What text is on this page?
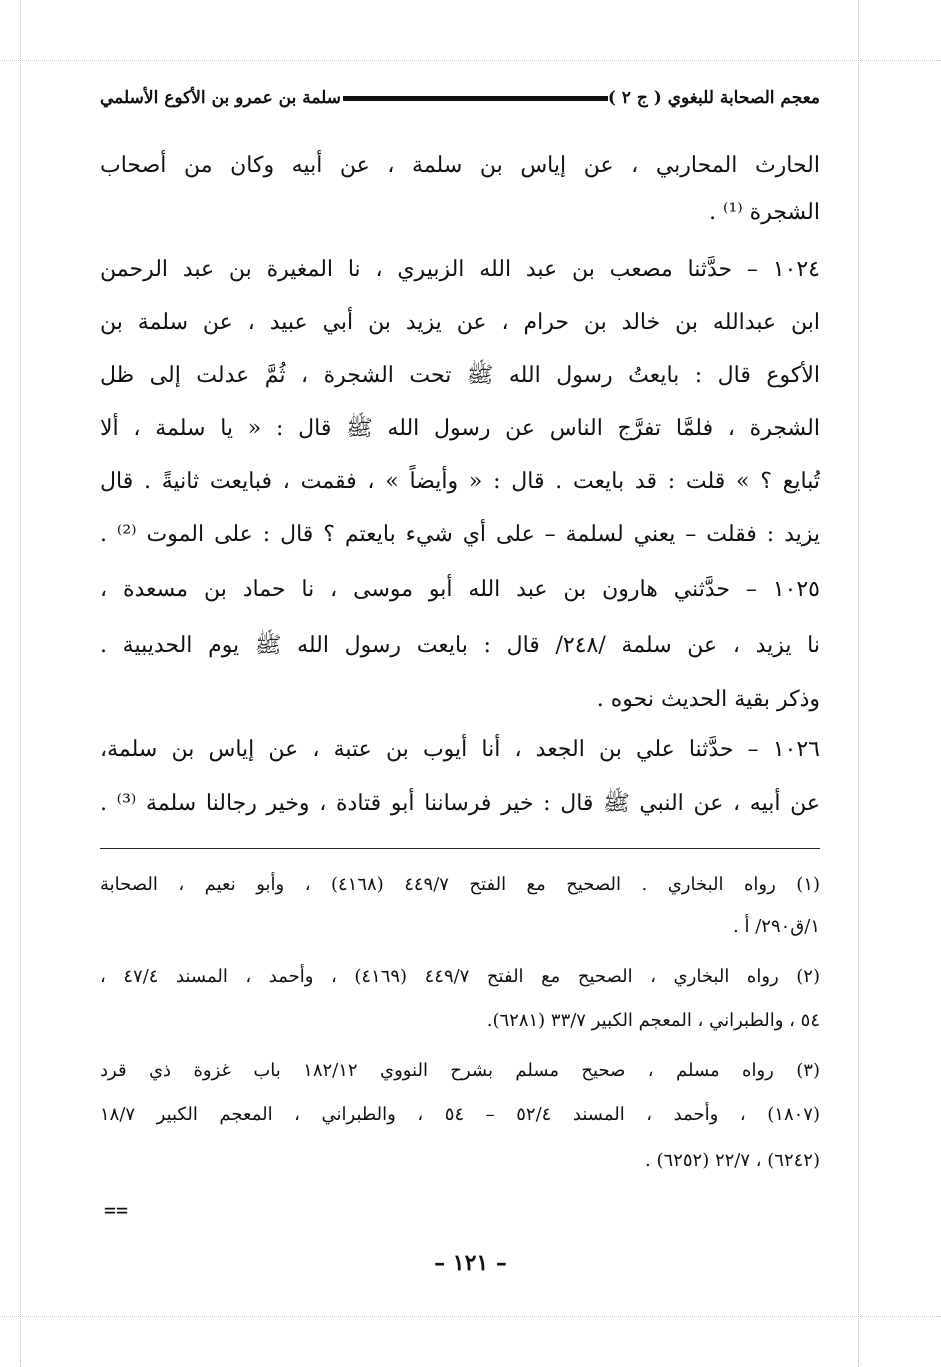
معجم الصحابة للبغوي ( ج ٢ )
سلمة بن عمرو بن الأكوع الأسلمي
الحارث المحاربي ، عن إياس بن سلمة ، عن أبيه وكان من أصحاب
الشجرة ⁽¹⁾ .
١٠٢٤ – حدَّثنا مصعب بن عبد الله الزبيري ، نا المغيرة بن عبد الرحمن
ابن عبدالله بن خالد بن حرام ، عن يزيد بن أبي عبيد ، عن سلمة بن
الأكوع قال : بايعتُ رسول الله ﷺ تحت الشجرة ، ثُمَّ عدلت إلى ظل
الشجرة ، فلمَّا تفرَّج الناس عن رسول الله ﷺ قال : « يا سلمة ، ألا
تُبايع ؟ » قلت : قد بايعت . قال : « وأيضاً » ، فقمت ، فبايعت ثانيةً . قال
يزيد : فقلت – يعني لسلمة – على أي شيء بايعتم ؟ قال : على الموت ⁽²⁾ .
١٠٢٥ – حدَّثني هارون بن عبد الله أبو موسى ، نا حماد بن مسعدة ،
نا يزيد ، عن سلمة /٢٤٨/ قال : بايعت رسول الله ﷺ يوم الحديبية .
وذكر بقية الحديث نحوه .
١٠٢٦ – حدَّثنا علي بن الجعد ، أنا أيوب بن عتبة ، عن إياس بن سلمة،
عن أبيه ، عن النبي ﷺ قال : خير فرساننا أبو قتادة ، وخير رجالنا سلمة ⁽³⁾ .
(١) رواه البخاري . الصحيح مع الفتح ٤٤٩/٧ (٤١٦٨) ، وأبو نعيم ، الصحابة
١/ق٢٩٠/ أ .
(٢) رواه البخاري ، الصحيح مع الفتح ٤٤٩/٧ (٤١٦٩) ، وأحمد ، المسند ٤٧/٤ ،
٥٤ ، والطبراني ، المعجم الكبير ٣٣/٧ (٦٢٨١).
(٣) رواه مسلم ، صحيح مسلم بشرح النووي ١٨٢/١٢ باب غزوة ذي قرد
(١٨٠٧) ، وأحمد ، المسند ٥٢/٤ – ٥٤ ، والطبراني ، المعجم الكبير ١٨/٧
(٦٢٤٢) ، ٢٢/٧ (٦٢٥٢) .
==
– ١٢١ –
